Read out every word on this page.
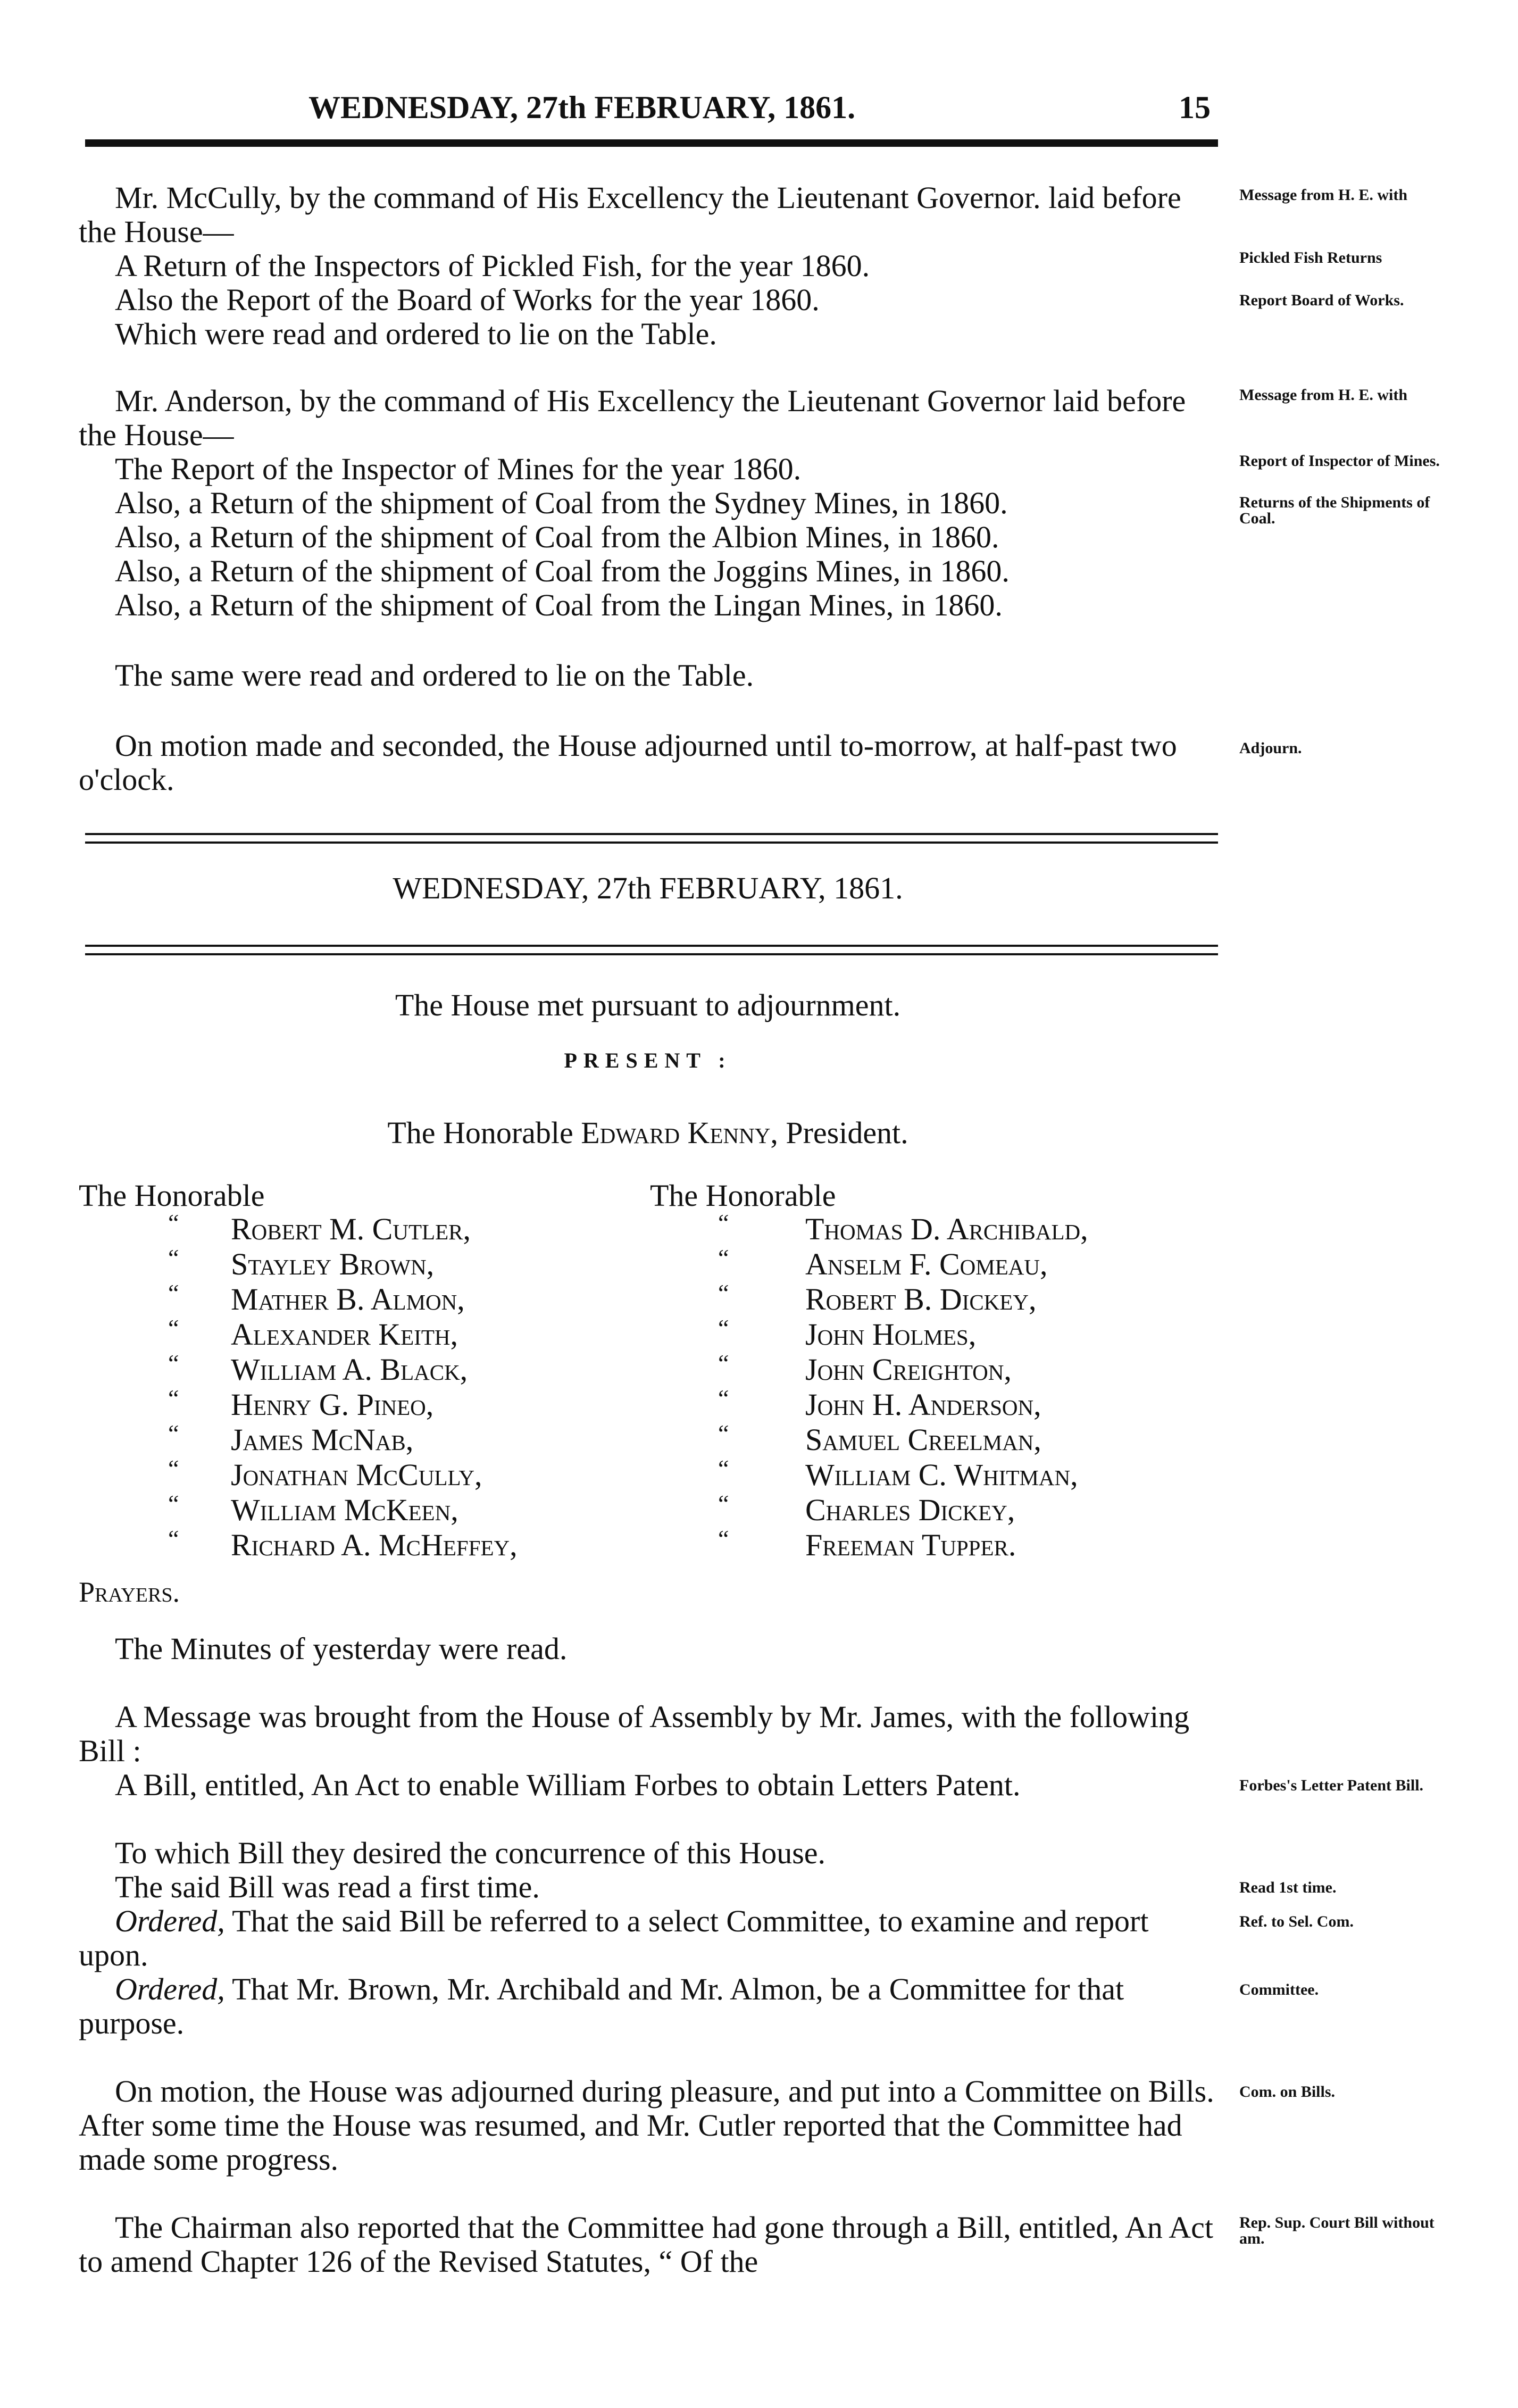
WEDNESDAY, 27th FEBRUARY, 1861.	15
Mr. McCully, by the command of His Excellency the Lieutenant Governor. laid before the House—
A Return of the Inspectors of Pickled Fish, for the year 1860.
Also the Report of the Board of Works for the year 1860.
Which were read and ordered to lie on the Table.
Mr. Anderson, by the command of His Excellency the Lieutenant Governor laid before the House—
The Report of the Inspector of Mines for the year 1860.
Also, a Return of the shipment of Coal from the Sydney Mines, in 1860.
Also, a Return of the shipment of Coal from the Albion Mines, in 1860.
Also, a Return of the shipment of Coal from the Joggins Mines, in 1860.
Also, a Return of the shipment of Coal from the Lingan Mines, in 1860.
The same were read and ordered to lie on the Table.
On motion made and seconded, the House adjourned until to-morrow, at half-past two o'clock.
Message from H. E. with
Pickled Fish Returns
Report Board of Works.
Message from H. E. with
Report of Inspector of Mines.
Returns of the Shipments of Coal.
Adjourn.
WEDNESDAY, 27th FEBRUARY, 1861.
The House met pursuant to adjournment.
PRESENT :
The Honorable Edward Kenny, President.
The Honorable	The Honorable
“ Robert M. Cutler,
“ Stayley Brown,
“ Mather B. Almon,
“ Alexander Keith,
“ William A. Black,
“ Henry G. Pineo,
“ James McNab,
“ Jonathan McCully,
“ William McKeen,
“ Richard A. McHeffey,
“ Thomas D. Archibald,
“ Anselm F. Comeau,
“ Robert B. Dickey,
“ John Holmes,
“ John Creighton,
“ John H. Anderson,
“ Samuel Creelman,
“ William C. Whitman,
“ Charles Dickey,
“ Freeman Tupper.
Prayers.
The Minutes of yesterday were read.
A Message was brought from the House of Assembly by Mr. James, with the following Bill :
A Bill, entitled, An Act to enable William Forbes to obtain Letters Patent.
To which Bill they desired the concurrence of this House.
The said Bill was read a first time.
Ordered, That the said Bill be referred to a select Committee, to examine and report upon.
Ordered, That Mr. Brown, Mr. Archibald and Mr. Almon, be a Committee for that purpose.
On motion, the House was adjourned during pleasure, and put into a Committee on Bills. After some time the House was resumed, and Mr. Cutler reported that the Committee had made some progress.
The Chairman also reported that the Committee had gone through a Bill, entitled, An Act to amend Chapter 126 of the Revised Statutes, “ Of the
Forbes's Letter Patent Bill.
Read 1st time.
Ref. to Sel. Com.
Committee.
Com. on Bills.
Rep. Sup. Court Bill without am.
